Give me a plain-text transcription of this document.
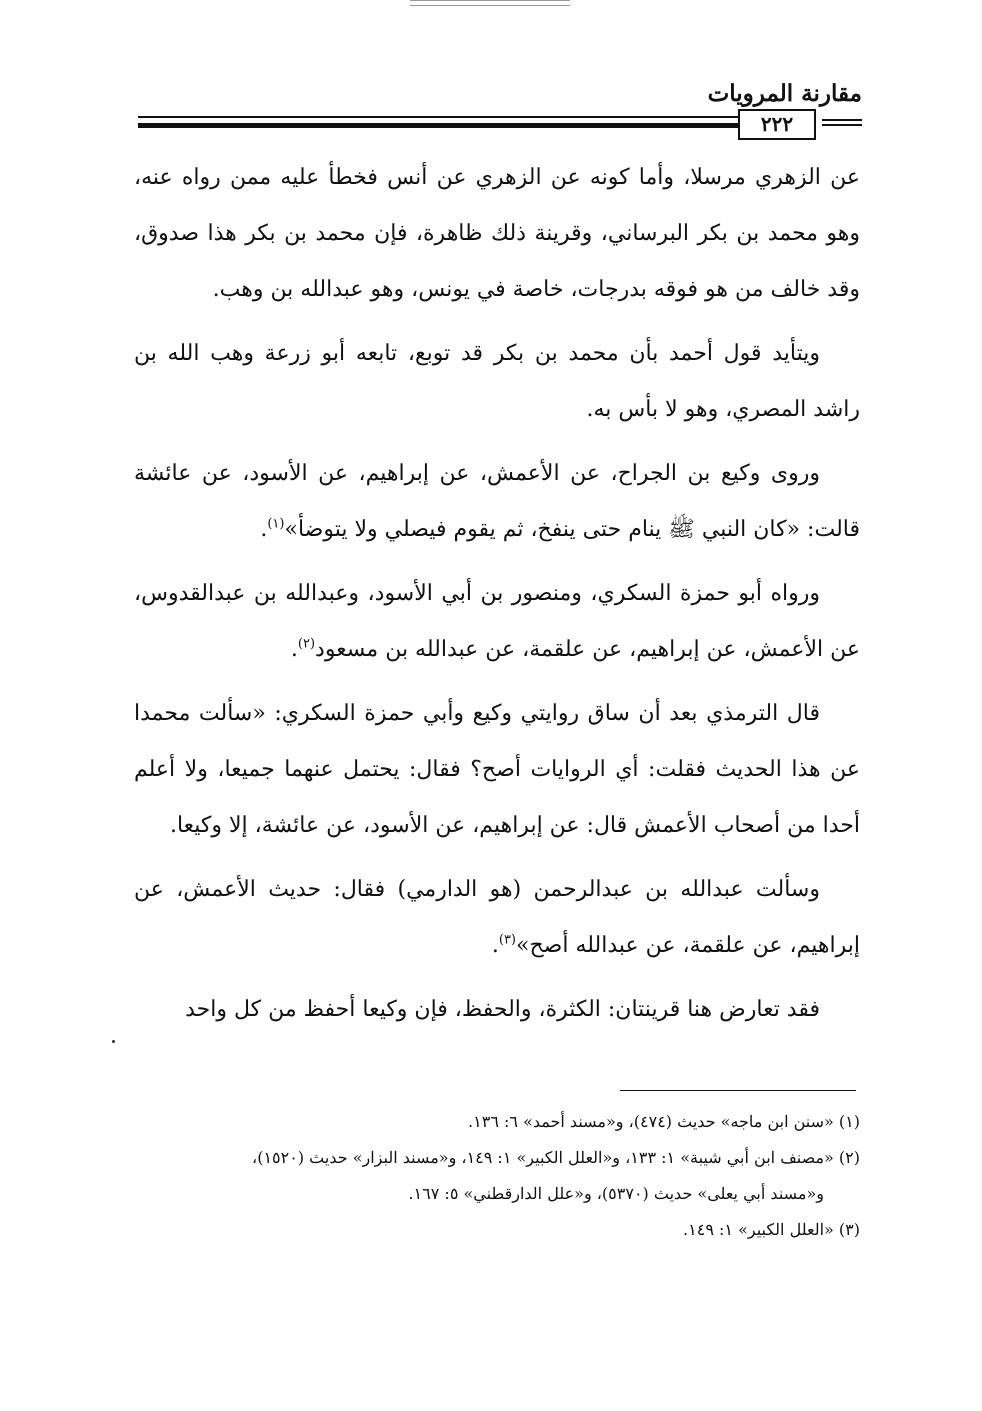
مقارنة المرويات
٢٢٢

عن الزهري مرسلا، وأما كونه عن الزهري عن أنس فخطأ عليه ممن رواه عنه، وهو محمد بن بكر البرساني، وقرينة ذلك ظاهرة، فإن محمد بن بكر هذا صدوق، وقد خالف من هو فوقه بدرجات، خاصة في يونس، وهو عبدالله بن وهب.

ويتأيد قول أحمد بأن محمد بن بكر قد توبع، تابعه أبو زرعة وهب الله بن راشد المصري، وهو لا بأس به.

وروى وكيع بن الجراح، عن الأعمش، عن إبراهيم، عن الأسود، عن عائشة قالت: «كان النبي ﷺ ينام حتى ينفخ، ثم يقوم فيصلي ولا يتوضأ»$^{(١)}$.

ورواه أبو حمزة السكري، ومنصور بن أبي الأسود، وعبدالله بن عبدالقدوس، عن الأعمش، عن إبراهيم، عن علقمة، عن عبدالله بن مسعود$^{(٢)}$.

قال الترمذي بعد أن ساق روايتي وكيع وأبي حمزة السكري: «سألت محمدا عن هذا الحديث فقلت: أي الروايات أصح؟ فقال: يحتمل عنهما جميعا، ولا أعلم أحدا من أصحاب الأعمش قال: عن إبراهيم، عن الأسود، عن عائشة، إلا وكيعا.

وسألت عبدالله بن عبدالرحمن (هو الدارمي) فقال: حديث الأعمش، عن إبراهيم، عن علقمة، عن عبدالله أصح»$^{(٣)}$.

فقد تعارض هنا قرينتان: الكثرة، والحفظ، فإن وكيعا أحفظ من كل واحد

(١) «سنن ابن ماجه» حديث (٤٧٤)، و«مسند أحمد» ٦: ١٣٦.

(٢) «مصنف ابن أبي شيبة» ١: ١٣٣، و«العلل الكبير» ١: ١٤٩، و«مسند البزار» حديث (١٥٢٠)،
و«مسند أبي يعلى» حديث (٥٣٧٠)، و«علل الدارقطني» ٥: ١٦٧.

(٣) «العلل الكبير» ١: ١٤٩.
